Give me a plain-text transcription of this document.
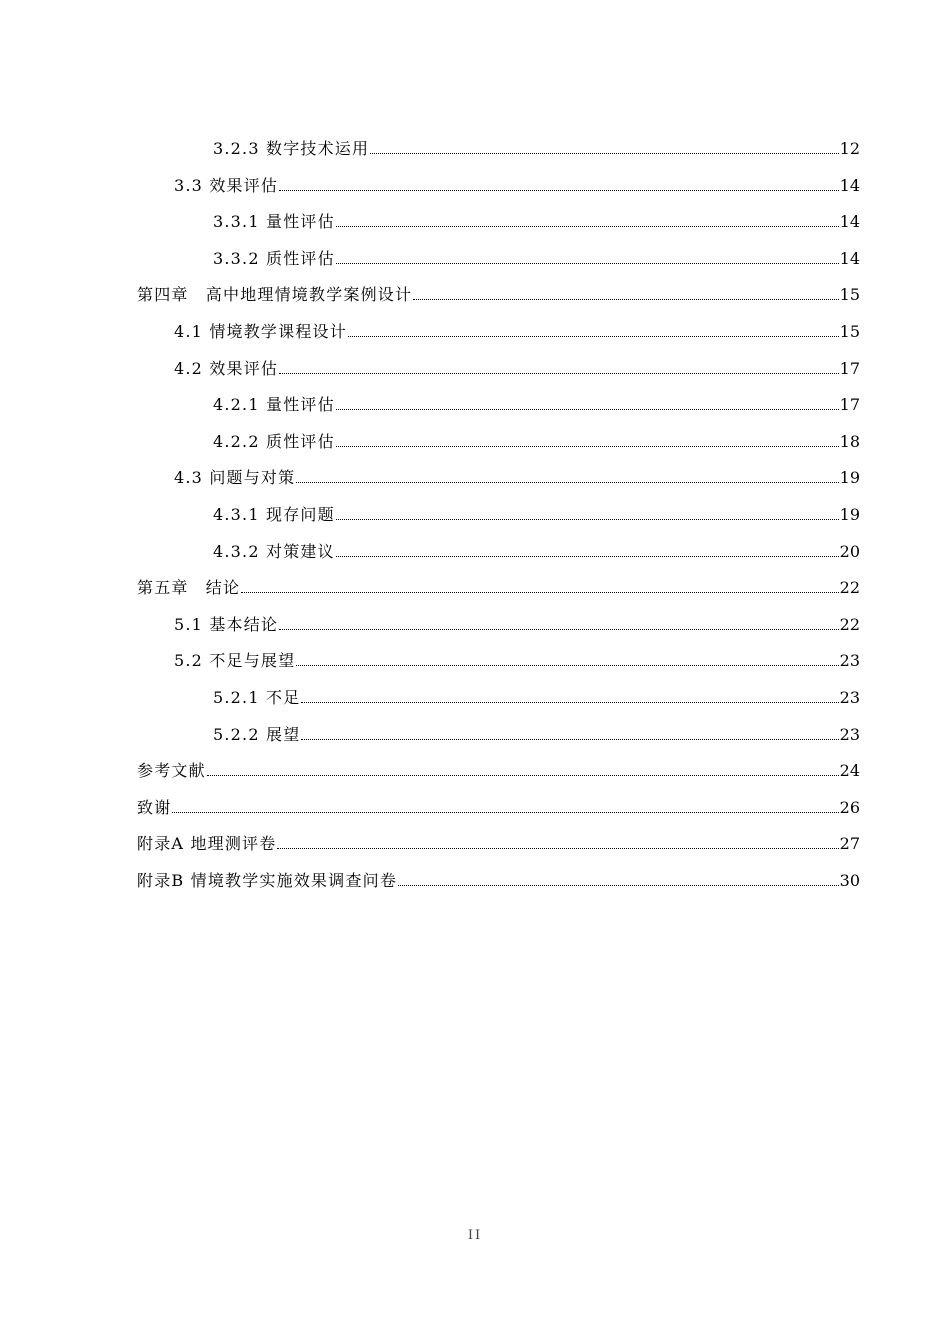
3.2.3 数字技术运用	12
3.3 效果评估	14
3.3.1 量性评估	14
3.3.2 质性评估	14
第四章　高中地理情境教学案例设计	15
4.1 情境教学课程设计	15
4.2 效果评估	17
4.2.1 量性评估	17
4.2.2 质性评估	18
4.3 问题与对策	19
4.3.1 现存问题	19
4.3.2 对策建议	20
第五章　结论	22
5.1 基本结论	22
5.2 不足与展望	23
5.2.1 不足	23
5.2.2 展望	23
参考文献	24
致谢	26
附录A 地理测评卷	27
附录B 情境教学实施效果调查问卷	30
II
